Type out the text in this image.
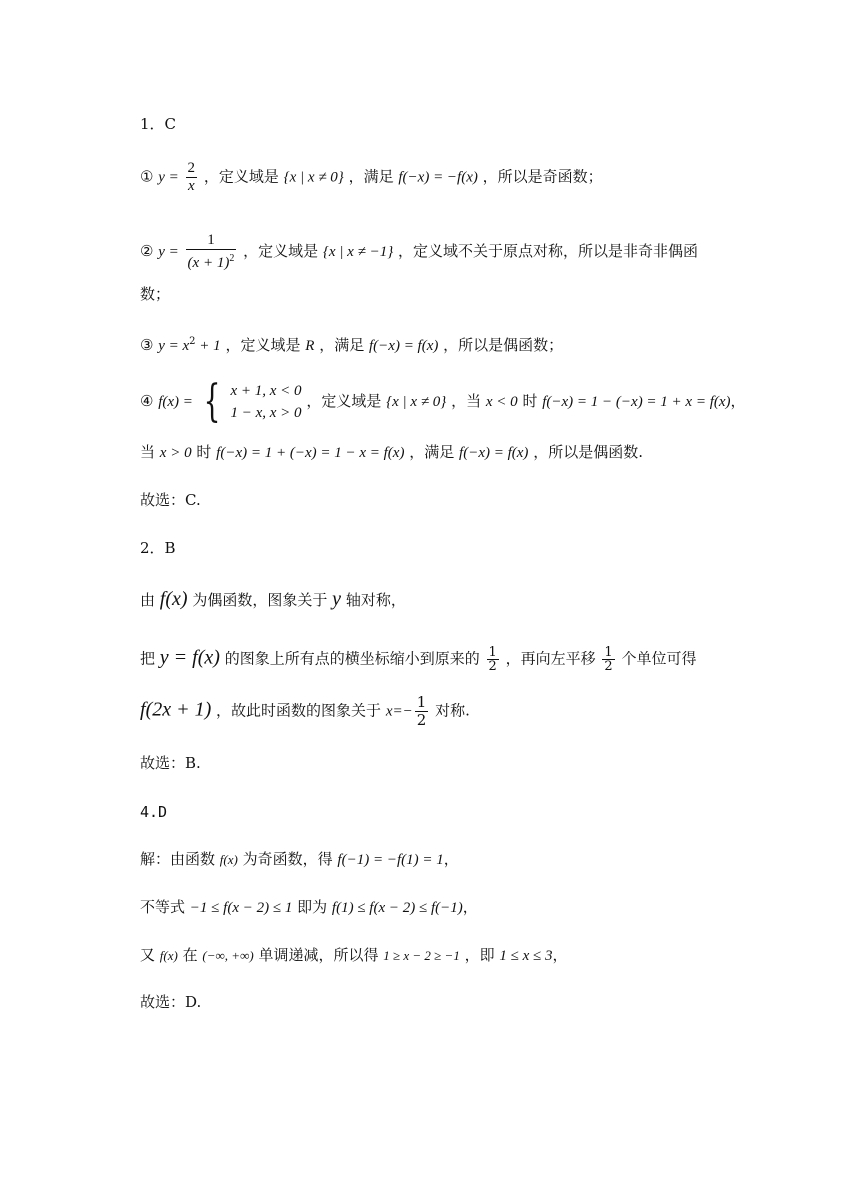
1．C
① $y = \frac{2}{x}$ ，定义域是 {x | x ≠ 0} ，满足 f(−x) = −f(x) ，所以是奇函数；
② $y = \frac{1}{(x + 1)^2}$ ，定义域是 {x | x ≠ −1} ，定义域不关于原点对称，所以是非奇非偶函
数；
③ $y = x^2 + 1$ ，定义域是 R ，满足 f(−x) = f(x) ，所以是偶函数；
④ f(x) = { x + 1, x < 0
1 − x, x > 0
，定义域是 {x | x ≠ 0} ，当 x < 0 时 f(−x) = 1 − (−x) = 1 + x = f(x)，
当 x > 0 时 f(−x) = 1 + (−x) = 1 − x = f(x) ，满足 f(−x) = f(x) ，所以是偶函数.
故选：C.
2．B
由 f(x) 为偶函数，图象关于 y 轴对称，
把 y = f(x) 的图象上所有点的横坐标缩小到原来的 $\frac{1}{2}$ ，再向左平移 $\frac{1}{2}$ 个单位可得
f(2x + 1) ，故此时函数的图象关于 $x=- \frac{1}{2}$ 对称.
故选：B.
4.D
解：由函数 f(x) 为奇函数，得 f(−1) = −f(1) = 1，
不等式 −1 ≤ f(x − 2) ≤ 1 即为 f(1) ≤ f(x − 2) ≤ f(−1)，
又 f(x) 在 (−∞, +∞) 单调递减，所以得 1 ≥ x − 2 ≥ −1 ，即 1 ≤ x ≤ 3，
故选：D.
